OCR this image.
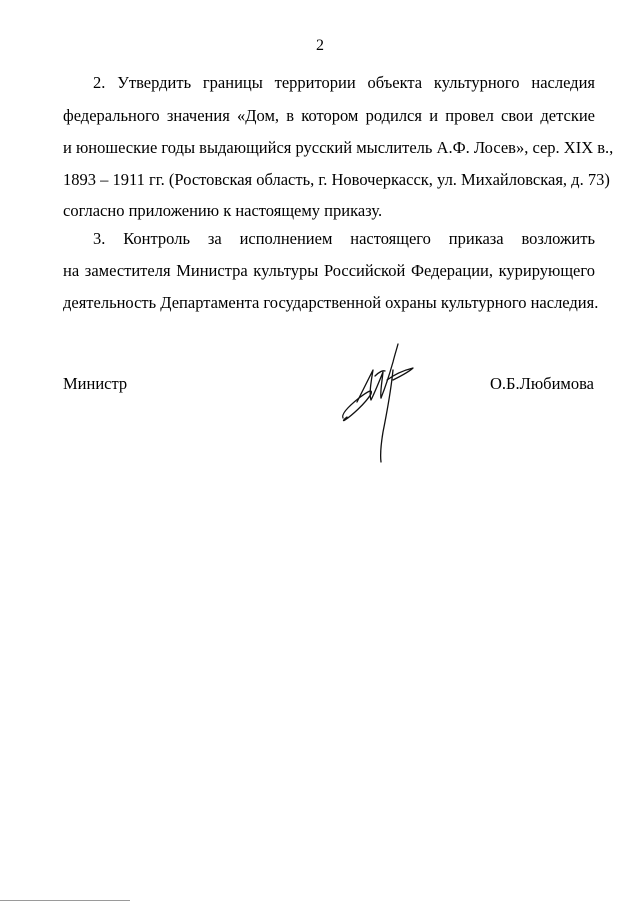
2
2. Утвердить границы территории объекта культурного наследия
федерального значения «Дом, в котором родился и провел свои детские
и юношеские годы выдающийся русский мыслитель А.Ф. Лосев», сер. XIX в.,
1893 – 1911 гг. (Ростовская область, г. Новочеркасск, ул. Михайловская, д. 73)
согласно приложению к настоящему приказу.
3. Контроль за исполнением настоящего приказа возложить
на заместителя Министра культуры Российской Федерации, курирующего
деятельность Департамента государственной охраны культурного наследия.
Министр	О.Б.Любимова
